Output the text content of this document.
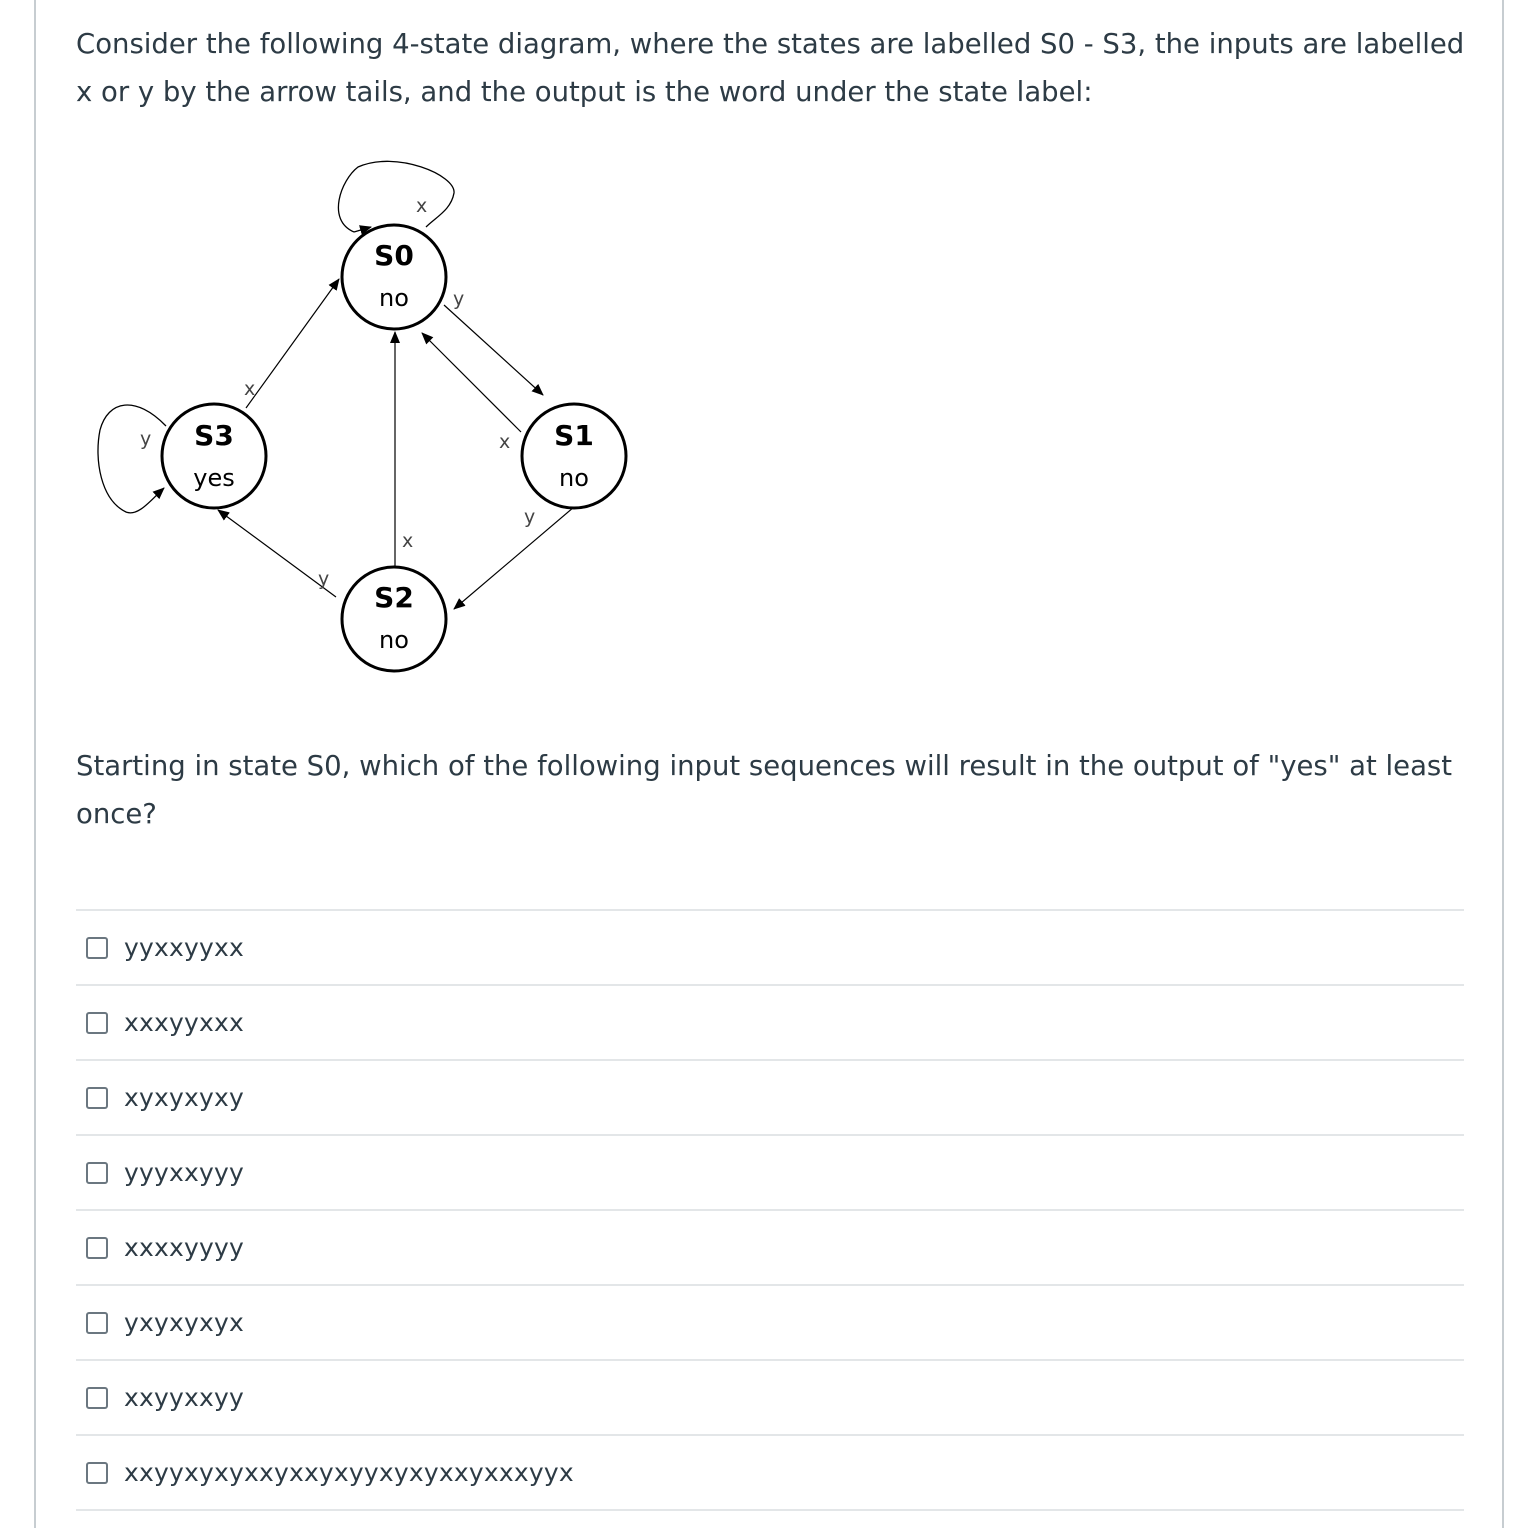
Consider the following 4-state diagram, where the states are labelled S0 - S3, the inputs are labelled x or y by the arrow tails, and the output is the word under the state label:

x
x
y
x
x
y
y
y
S0
no
S1
no
S2
no
S3
yes

Starting in state S0, which of the following input sequences will result in the output of "yes" at least once?

yyxxyyxx
xxxyyxxx
xyxyxyxy
yyyxxyyy
xxxxyyyy
yxyxyxyx
xxyyxxyy
xxyyxyxyxxyxxyxyyxyxyxxyxxxyyx
